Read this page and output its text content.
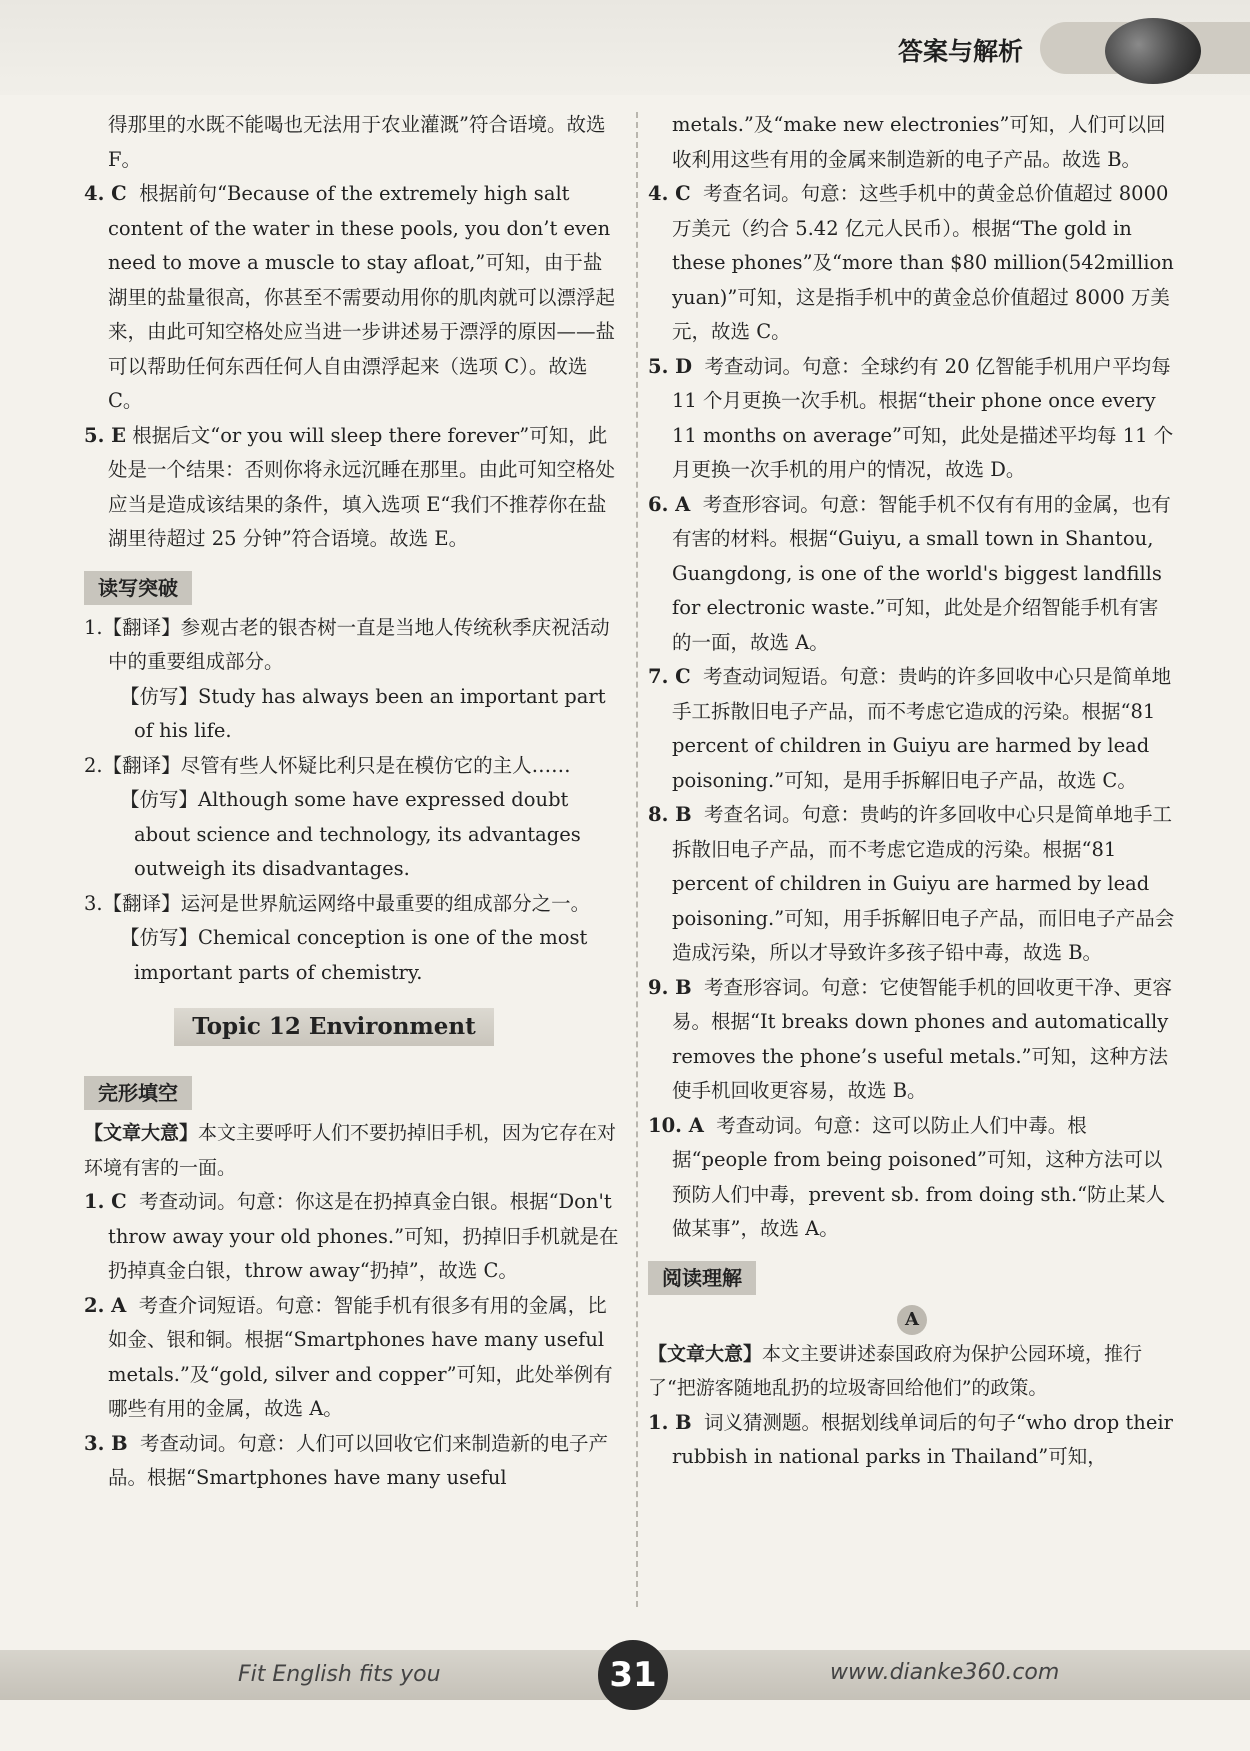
答案与解析

得那里的水既不能喝也无法用于农业灌溉”符合语境。故选 F。

4. C 根据前句“Because of the extremely high salt content of the water in these pools, you don’t even need to move a muscle to stay afloat,”可知，由于盐湖里的盐量很高，你甚至不需要动用你的肌肉就可以漂浮起来，由此可知空格处应当进一步讲述易于漂浮的原因——盐可以帮助任何东西任何人自由漂浮起来（选项 C）。故选 C。

5. E 根据后文“or you will sleep there forever”可知，此处是一个结果：否则你将永远沉睡在那里。由此可知空格处应当是造成该结果的条件，填入选项 E“我们不推荐你在盐湖里待超过 25 分钟”符合语境。故选 E。

读写突破

1.【翻译】参观古老的银杏树一直是当地人传统秋季庆祝活动中的重要组成部分。

【仿写】Study has always been an important part of his life.

2.【翻译】尽管有些人怀疑比利只是在模仿它的主人……

【仿写】Although some have expressed doubt about science and technology, its advantages outweigh its disadvantages.

3.【翻译】运河是世界航运网络中最重要的组成部分之一。

【仿写】Chemical conception is one of the most important parts of chemistry.

Topic 12 Environment
完形填空

【文章大意】本文主要呼吁人们不要扔掉旧手机，因为它存在对环境有害的一面。

1. C 考查动词。句意：你这是在扔掉真金白银。根据“Don't throw away your old phones.”可知，扔掉旧手机就是在扔掉真金白银，throw away“扔掉”，故选 C。

2. A 考查介词短语。句意：智能手机有很多有用的金属，比如金、银和铜。根据“Smartphones have many useful metals.”及“gold, silver and copper”可知，此处举例有哪些有用的金属，故选 A。

3. B 考查动词。句意：人们可以回收它们来制造新的电子产品。根据“Smartphones have many useful

metals.”及“make new electronies”可知，人们可以回收利用这些有用的金属来制造新的电子产品。故选 B。

4. C 考查名词。句意：这些手机中的黄金总价值超过 8000 万美元（约合 5.42 亿元人民币）。根据“The gold in these phones”及“more than $80 million(542million yuan)”可知，这是指手机中的黄金总价值超过 8000 万美元，故选 C。

5. D 考查动词。句意：全球约有 20 亿智能手机用户平均每 11 个月更换一次手机。根据“their phone once every 11 months on average”可知，此处是描述平均每 11 个月更换一次手机的用户的情况，故选 D。

6. A 考查形容词。句意：智能手机不仅有有用的金属，也有有害的材料。根据“Guiyu, a small town in Shantou, Guangdong, is one of the world's biggest landfills for electronic waste.”可知，此处是介绍智能手机有害的一面，故选 A。

7. C 考查动词短语。句意：贵屿的许多回收中心只是简单地手工拆散旧电子产品，而不考虑它造成的污染。根据“81 percent of children in Guiyu are harmed by lead poisoning.”可知，是用手拆解旧电子产品，故选 C。

8. B 考查名词。句意：贵屿的许多回收中心只是简单地手工拆散旧电子产品，而不考虑它造成的污染。根据“81 percent of children in Guiyu are harmed by lead poisoning.”可知，用手拆解旧电子产品，而旧电子产品会造成污染，所以才导致许多孩子铅中毒，故选 B。

9. B 考查形容词。句意：它使智能手机的回收更干净、更容易。根据“It breaks down phones and automatically removes the phone’s useful metals.”可知，这种方法使手机回收更容易，故选 B。

10. A 考查动词。句意：这可以防止人们中毒。根据“people from being poisoned”可知，这种方法可以预防人们中毒，prevent sb. from doing sth.“防止某人做某事”，故选 A。

阅读理解
A

【文章大意】本文主要讲述泰国政府为保护公园环境，推行了“把游客随地乱扔的垃圾寄回给他们”的政策。

1. B 词义猜测题。根据划线单词后的句子“who drop their rubbish in national parks in Thailand”可知，

Fit English fits you	31	www.dianke360.com
